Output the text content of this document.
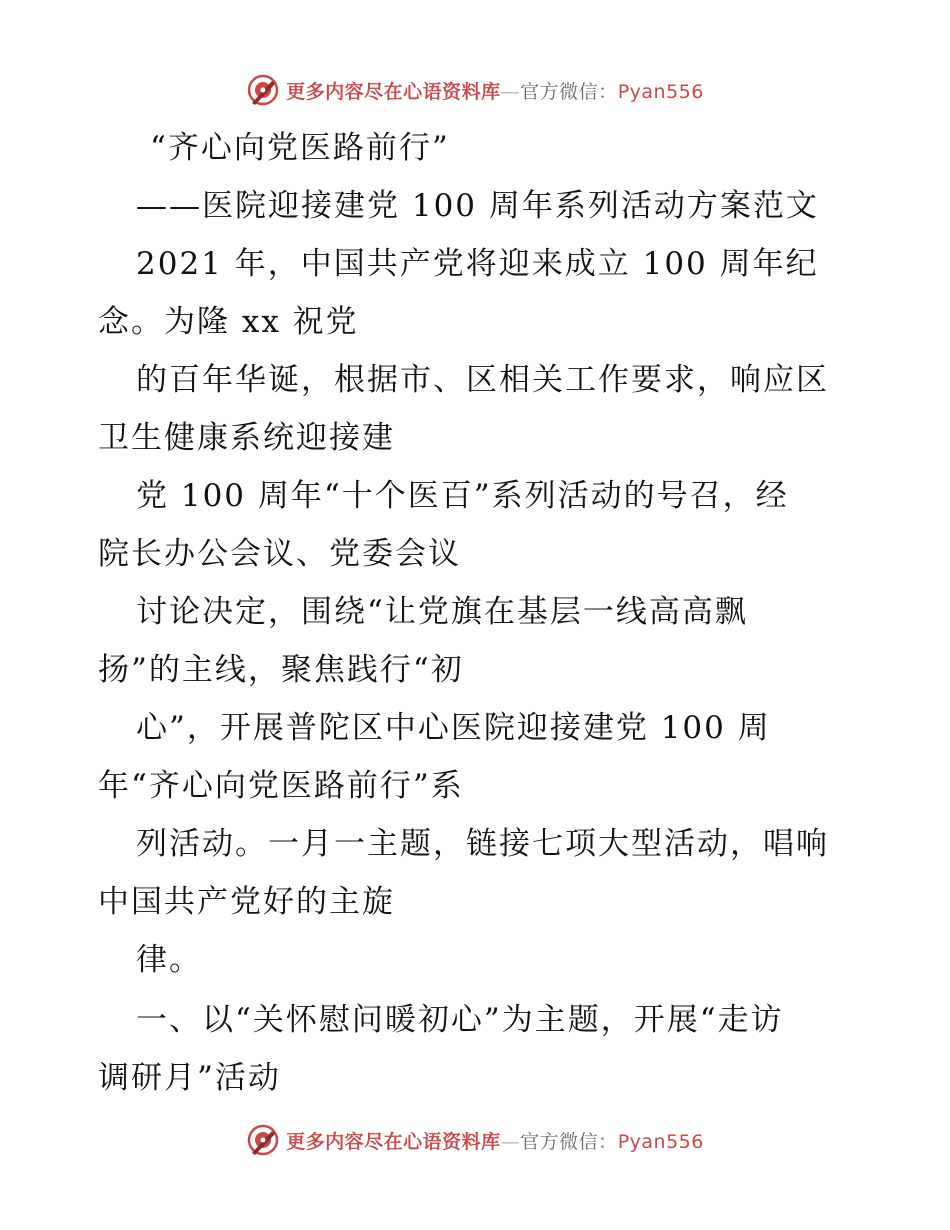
更多内容尽在心语资料库—官方微信：Pyan556
“齐心向党医路前行”
——医院迎接建党 100 周年系列活动方案范文
2021 年，中国共产党将迎来成立 100 周年纪
念。为隆 xx 祝党
的百年华诞，根据市、区相关工作要求，响应区
卫生健康系统迎接建
党 100 周年“十个医百”系列活动的号召，经
院长办公会议、党委会议
讨论决定，围绕“让党旗在基层一线高高飘
扬”的主线，聚焦践行“初
心”，开展普陀区中心医院迎接建党 100 周
年“齐心向党医路前行”系
列活动。一月一主题，链接七项大型活动，唱响
中国共产党好的主旋
律。
一、以“关怀慰问暖初心”为主题，开展“走访
调研月”活动
更多内容尽在心语资料库—官方微信：Pyan556
